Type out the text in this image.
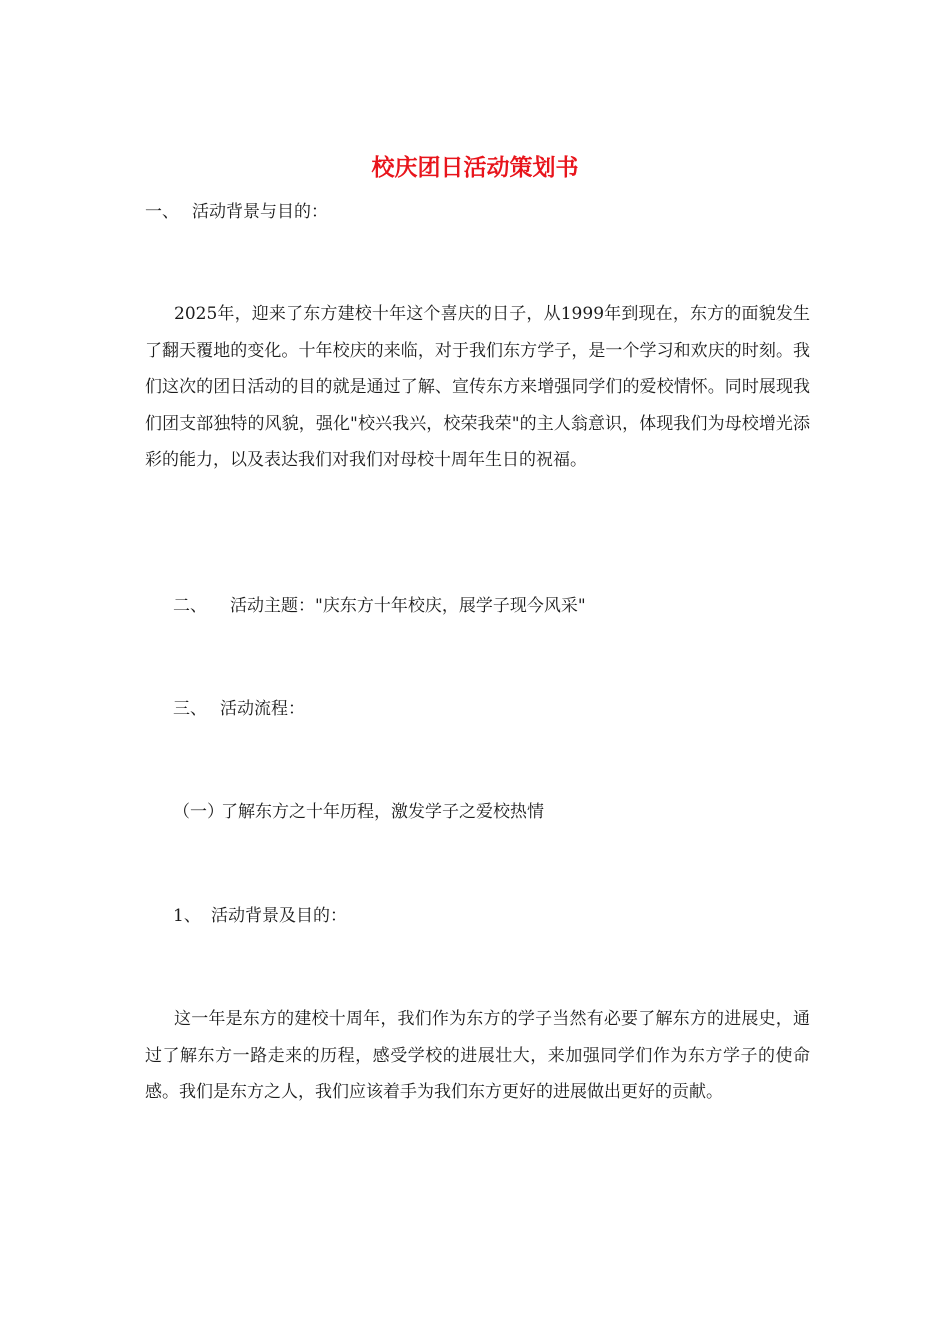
校庆团日活动策划书
一、 活动背景与目的：
2025年，迎来了东方建校十年这个喜庆的日子，从1999年到现在，东方的面貌发生了翻天覆地的变化。十年校庆的来临，对于我们东方学子，是一个学习和欢庆的时刻。我们这次的团日活动的目的就是通过了解、宣传东方来增强同学们的爱校情怀。同时展现我们团支部独特的风貌，强化"校兴我兴，校荣我荣"的主人翁意识，体现我们为母校增光添彩的能力，以及表达我们对我们对母校十周年生日的祝福。
二、 活动主题："庆东方十年校庆，展学子现今风采"
三、 活动流程：
（一）了解东方之十年历程，激发学子之爱校热情
1、 活动背景及目的：
这一年是东方的建校十周年，我们作为东方的学子当然有必要了解东方的进展史，通过了解东方一路走来的历程，感受学校的进展壮大，来加强同学们作为东方学子的使命感。我们是东方之人，我们应该着手为我们东方更好的进展做出更好的贡献。
